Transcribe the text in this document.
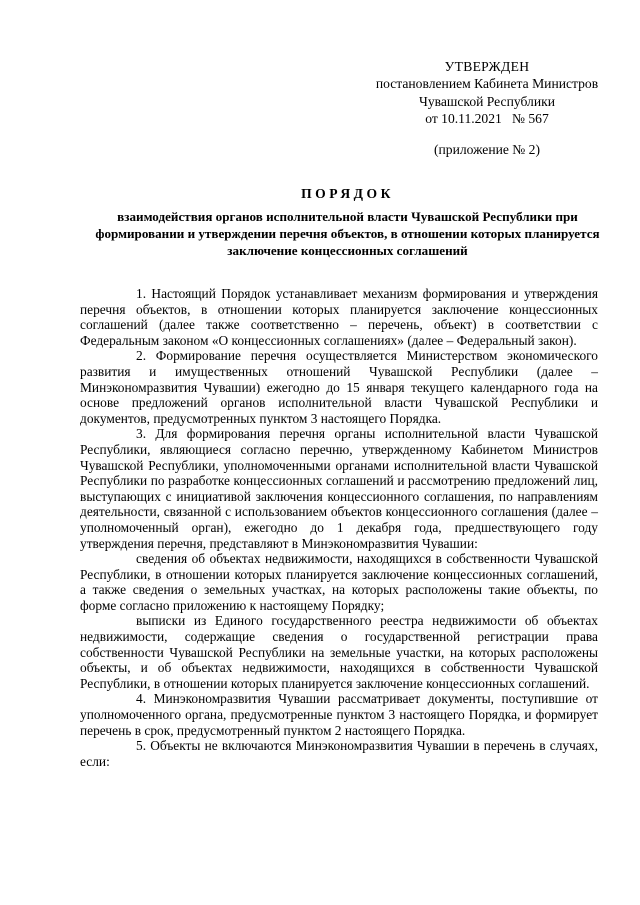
УТВЕРЖДЕН
постановлением Кабинета Министров
Чувашской Республики
от 10.11.2021   № 567
(приложение № 2)
ПОРЯДОК
взаимодействия органов исполнительной власти Чувашской Республики при формировании и утверждении перечня объектов, в отношении которых планируется заключение концессионных соглашений

1. Настоящий Порядок устанавливает механизм формирования и утверждения перечня объектов, в отношении которых планируется заключение концессионных соглашений (далее также соответственно – перечень, объект) в соответствии с Федеральным законом «О концессионных соглашениях» (далее – Федеральный закон).

2. Формирование перечня осуществляется Министерством экономического развития и имущественных отношений Чувашской Республики (далее – Минэкономразвития Чувашии) ежегодно до 15 января текущего календарного года на основе предложений органов исполнительной власти Чувашской Республики и документов, предусмотренных пунктом 3 настоящего Порядка.

3. Для формирования перечня органы исполнительной власти Чувашской Республики, являющиеся согласно перечню, утвержденному Кабинетом Министров Чувашской Республики, уполномоченными органами исполнительной власти Чувашской Республики по разработке концессионных соглашений и рассмотрению предложений лиц, выступающих с инициативой заключения концессионного соглашения, по направлениям деятельности, связанной с использованием объектов концессионного соглашения (далее – уполномоченный орган), ежегодно до 1 декабря года, предшествующего году утверждения перечня, представляют в Минэкономразвития Чувашии:

сведения об объектах недвижимости, находящихся в собственности Чувашской Республики, в отношении которых планируется заключение концессионных соглашений, а также сведения о земельных участках, на которых расположены такие объекты, по форме согласно приложению к настоящему Порядку;

выписки из Единого государственного реестра недвижимости об объектах недвижимости, содержащие сведения о государственной регистрации права собственности Чувашской Республики на земельные участки, на которых расположены объекты, и об объектах недвижимости, находящихся в собственности Чувашской Республики, в отношении которых планируется заключение концессионных соглашений.

4. Минэкономразвития Чувашии рассматривает документы, поступившие от уполномоченного органа, предусмотренные пунктом 3 настоящего Порядка, и формирует перечень в срок, предусмотренный пунктом 2 настоящего Порядка.

5. Объекты не включаются Минэкономразвития Чувашии в перечень в случаях, если:
